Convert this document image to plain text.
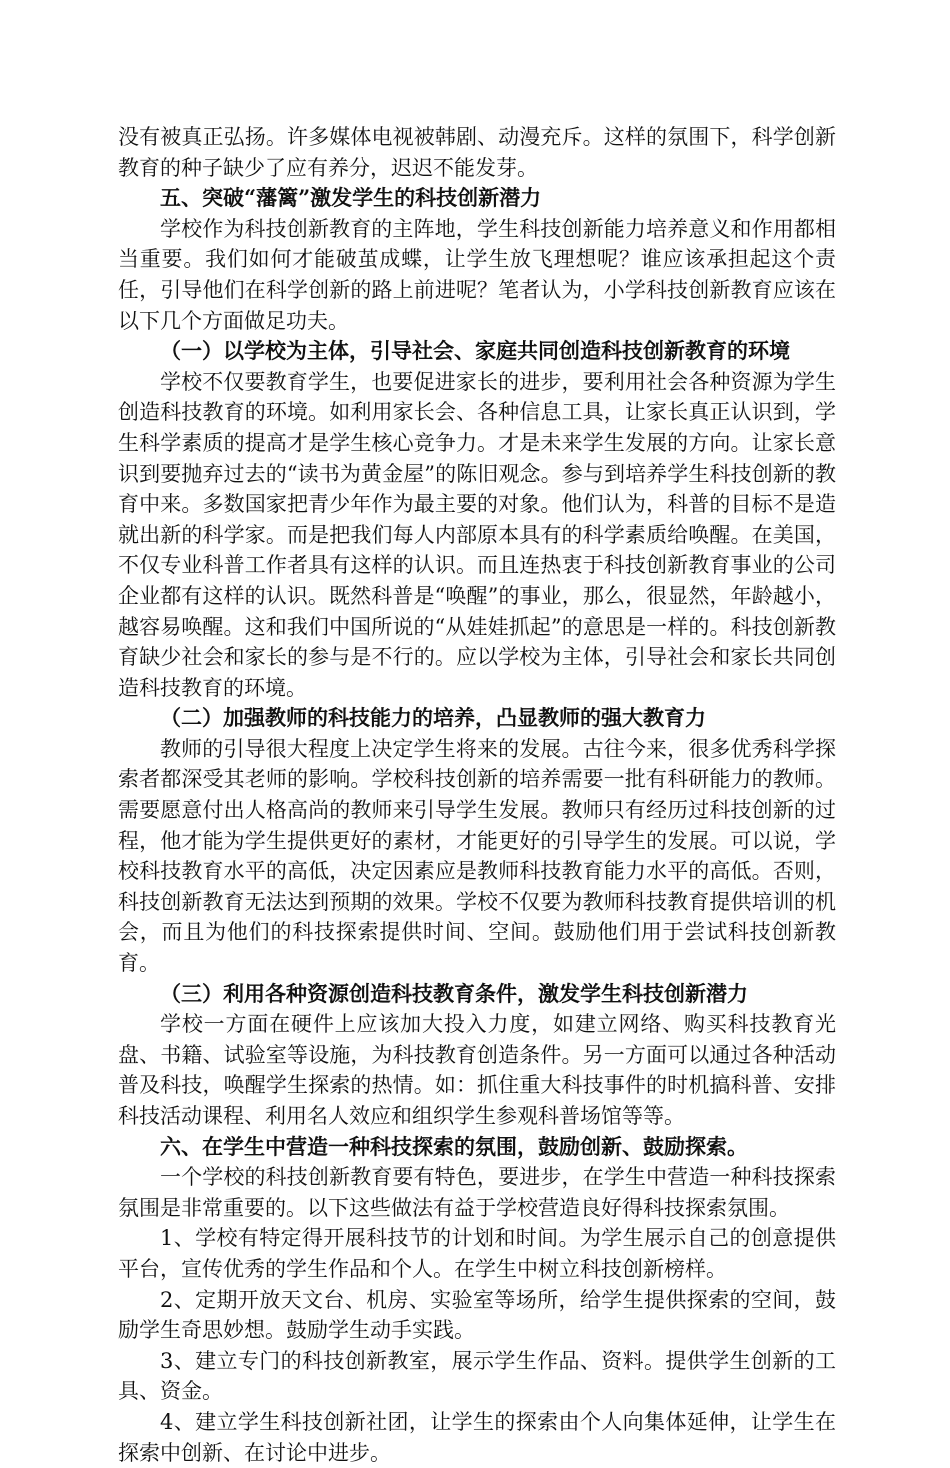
没有被真正弘扬。许多媒体电视被韩剧、动漫充斥。这样的氛围下，科学创新教育的种子缺少了应有养分，迟迟不能发芽。

五、突破“藩篱”激发学生的科技创新潜力

学校作为科技创新教育的主阵地，学生科技创新能力培养意义和作用都相当重要。我们如何才能破茧成蝶，让学生放飞理想呢？谁应该承担起这个责任，引导他们在科学创新的路上前进呢？笔者认为，小学科技创新教育应该在以下几个方面做足功夫。

（一）以学校为主体，引导社会、家庭共同创造科技创新教育的环境

学校不仅要教育学生，也要促进家长的进步，要利用社会各种资源为学生创造科技教育的环境。如利用家长会、各种信息工具，让家长真正认识到，学生科学素质的提高才是学生核心竞争力。才是未来学生发展的方向。让家长意识到要抛弃过去的“读书为黄金屋”的陈旧观念。参与到培养学生科技创新的教育中来。多数国家把青少年作为最主要的对象。他们认为，科普的目标不是造就出新的科学家。而是把我们每人内部原本具有的科学素质给唤醒。在美国，不仅专业科普工作者具有这样的认识。而且连热衷于科技创新教育事业的公司企业都有这样的认识。既然科普是“唤醒”的事业，那么，很显然，年龄越小，越容易唤醒。这和我们中国所说的“从娃娃抓起”的意思是一样的。科技创新教育缺少社会和家长的参与是不行的。应以学校为主体，引导社会和家长共同创造科技教育的环境。

（二）加强教师的科技能力的培养，凸显教师的强大教育力

教师的引导很大程度上决定学生将来的发展。古往今来，很多优秀科学探索者都深受其老师的影响。学校科技创新的培养需要一批有科研能力的教师。需要愿意付出人格高尚的教师来引导学生发展。教师只有经历过科技创新的过程，他才能为学生提供更好的素材，才能更好的引导学生的发展。可以说，学校科技教育水平的高低，决定因素应是教师科技教育能力水平的高低。否则，科技创新教育无法达到预期的效果。学校不仅要为教师科技教育提供培训的机会，而且为他们的科技探索提供时间、空间。鼓励他们用于尝试科技创新教育。

（三）利用各种资源创造科技教育条件，激发学生科技创新潜力

学校一方面在硬件上应该加大投入力度，如建立网络、购买科技教育光盘、书籍、试验室等设施，为科技教育创造条件。另一方面可以通过各种活动普及科技，唤醒学生探索的热情。如：抓住重大科技事件的时机搞科普、安排科技活动课程、利用名人效应和组织学生参观科普场馆等等。

六、在学生中营造一种科技探索的氛围，鼓励创新、鼓励探索。

一个学校的科技创新教育要有特色，要进步，在学生中营造一种科技探索氛围是非常重要的。以下这些做法有益于学校营造良好得科技探索氛围。

1、学校有特定得开展科技节的计划和时间。为学生展示自己的创意提供平台，宣传优秀的学生作品和个人。在学生中树立科技创新榜样。

2、定期开放天文台、机房、实验室等场所，给学生提供探索的空间，鼓励学生奇思妙想。鼓励学生动手实践。

3、建立专门的科技创新教室，展示学生作品、资料。提供学生创新的工具、资金。

4、建立学生科技创新社团，让学生的探索由个人向集体延伸，让学生在探索中创新、在讨论中进步。
